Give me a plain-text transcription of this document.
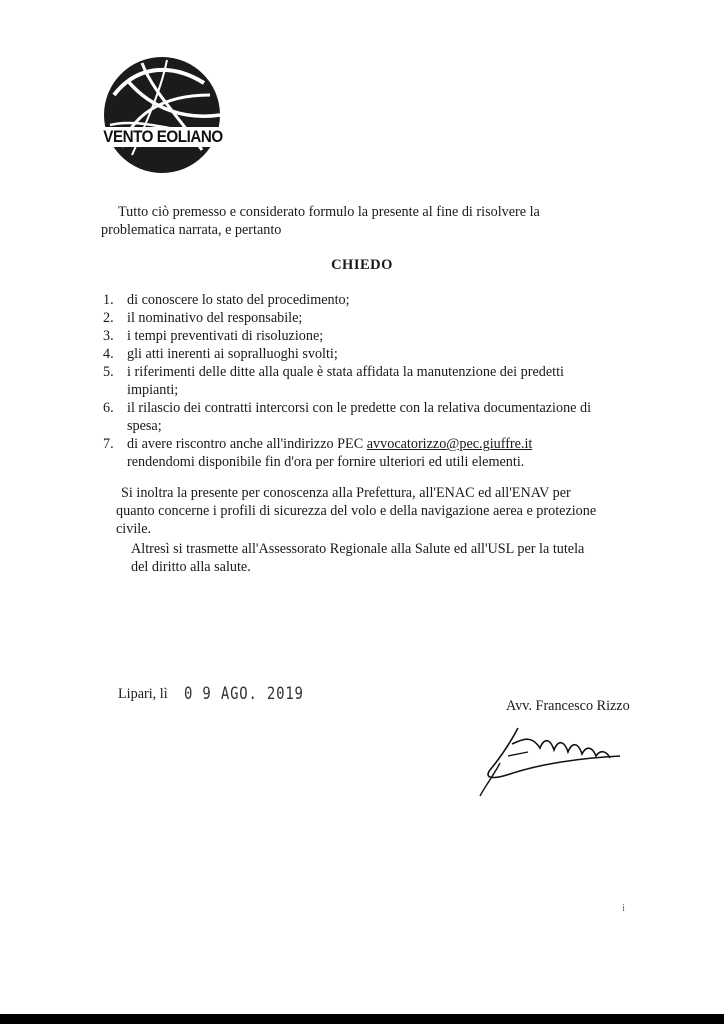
VENTO EOLIANO
Tutto ciò premesso e considerato formulo la presente al fine di risolvere la
problematica narrata, e pertanto
CHIEDO
1. di conoscere lo stato del procedimento;
2. il nominativo del responsabile;
3. i tempi preventivati di risoluzione;
4. gli atti inerenti ai sopralluoghi svolti;
5. i riferimenti delle ditte alla quale è stata affidata la manutenzione dei predetti
impianti;
6. il rilascio dei contratti intercorsi con le predette con la relativa documentazione di
spesa;
7. di avere riscontro anche all'indirizzo PEC avvocatorizzo@pec.giuffre.it
rendendomi disponibile fin d'ora per fornire ulteriori ed utili elementi.
Si inoltra la presente per conoscenza alla Prefettura, all'ENAC ed all'ENAV per
quanto concerne i profili di sicurezza del volo e della navigazione aerea e protezione
civile.
Altresì si trasmette all'Assessorato Regionale alla Salute ed all'USL per la tutela
del diritto alla salute.
Lipari, lì 0 9 AGO. 2019
Avv. Francesco Rizzo
i
